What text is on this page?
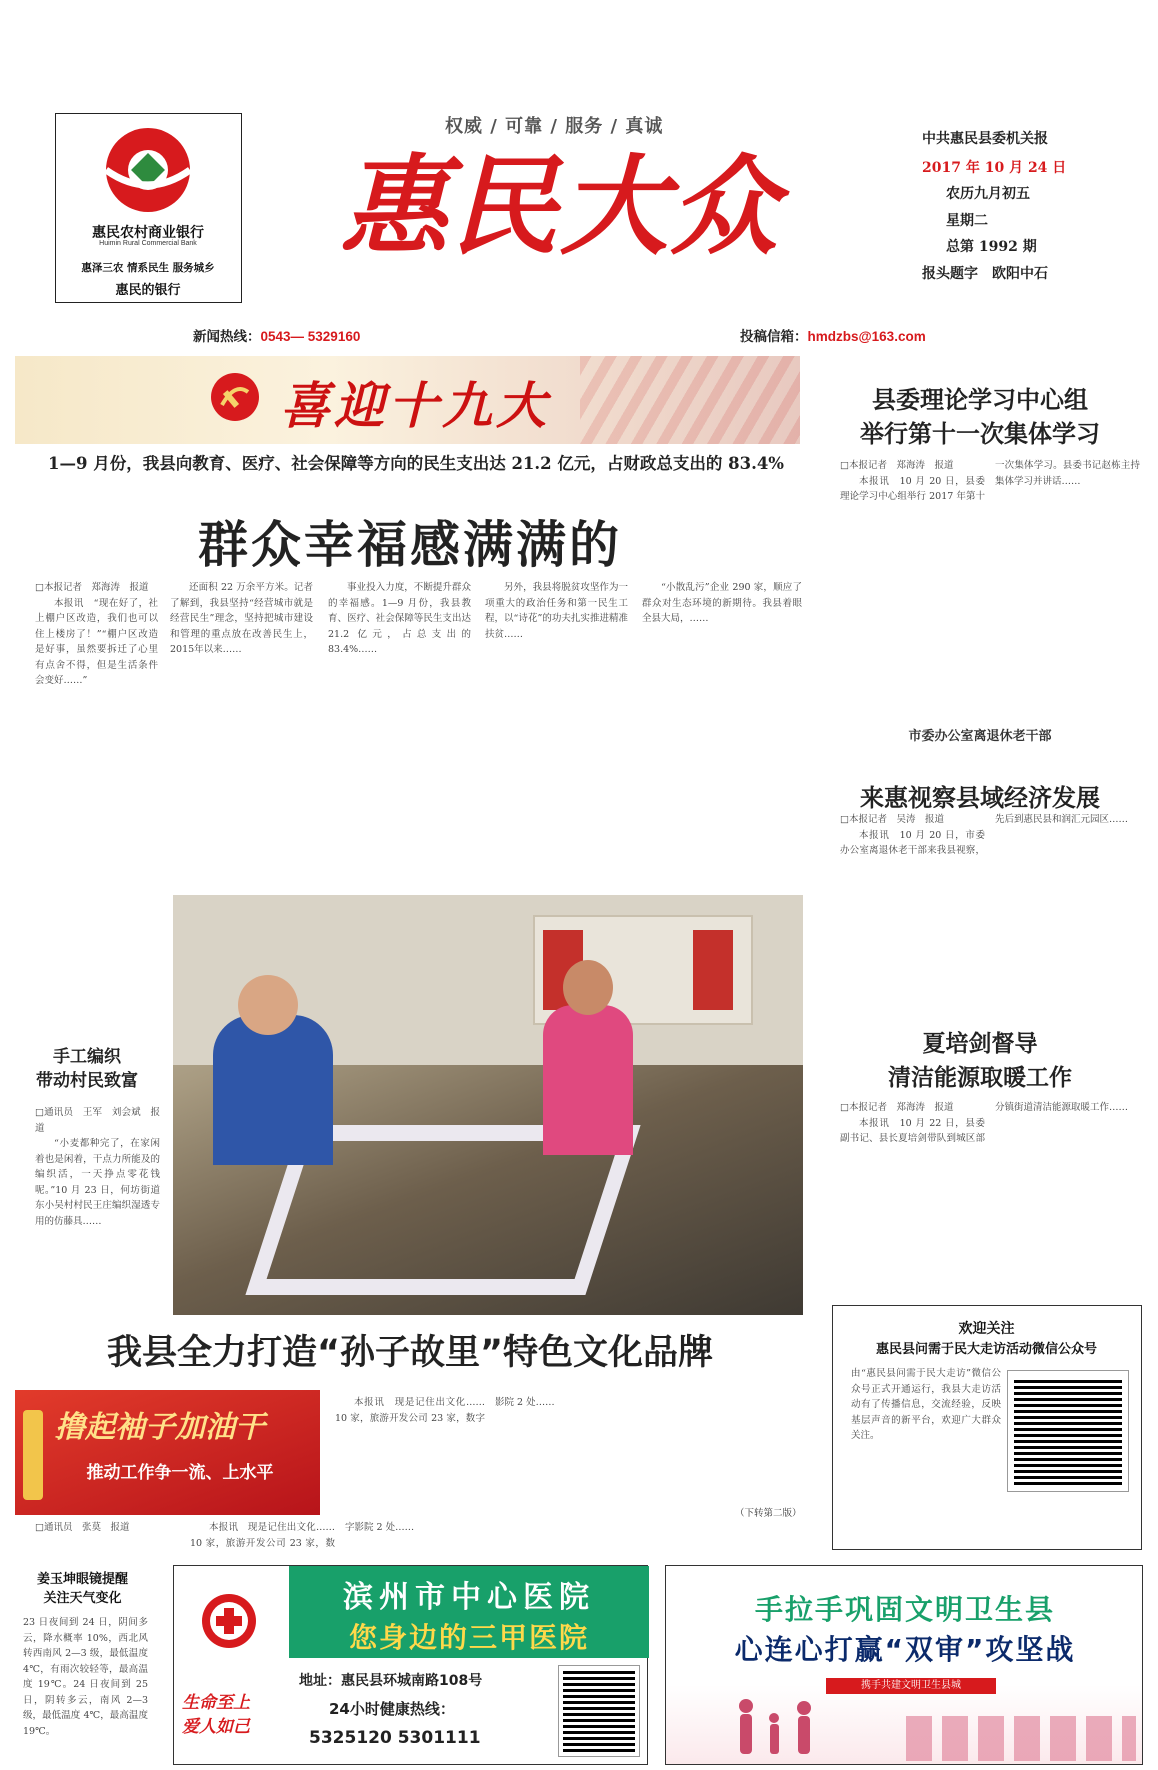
惠民农村商业银行
Huimin Rural Commercial Bank
惠泽三农 情系民生 服务城乡
惠民的银行
权威 / 可靠 / 服务 / 真诚
惠民大众
中共惠民县委机关报
2017 年 10 月 24 日
农历九月初五
星期二
总第 1992 期
报头题字　欧阳中石
新闻热线：0543— 5329160	投稿信箱：hmdzbs@163.com
喜迎十九大
1—9 月份，我县向教育、医疗、社会保障等方向的民生支出达 21.2 亿元，占财政总支出的 83.4%
群众幸福感满满的
□本报记者　郑海涛　报道

本报讯　“现在好了，社上棚户区改造，我们也可以住上楼房了！”“棚户区改造是好事，虽然要拆迁了心里有点舍不得，但是生活条件会变好……”

还面积 22 万余平方米。记者了解到，我县坚持“经营城市就是经营民生”理念，坚持把城市建设和管理的重点放在改善民生上，2015年以来……

事业投入力度，不断提升群众的幸福感。1—9 月份，我县教育、医疗、社会保障等民生支出达 21.2 亿元，占总支出的 83.4%……

另外，我县将脱贫攻坚作为一项重大的政治任务和第一民生工程，以“诗花”的功夫扎实推进精准扶贫……

“小散乱污”企业 290 家，顺应了群众对生态环境的新期待。我县着眼全县大局，……

手工编织
带动村民致富
□通讯员　王军　刘会斌　报道

“小麦都种完了，在家闲着也是闲着，干点力所能及的编织活，一天挣点零花钱呢。”10 月 23 日，何坊街道东小吴村村民王庄编织湿透专用的仿藤具……

县委理论学习中心组
举行第十一次集体学习
□本报记者　郑海涛　报道

本报讯　10 月 20 日，县委理论学习中心组举行 2017 年第十一次集体学习。县委书记赵栋主持集体学习并讲话……

市委办公室离退休老干部
来惠视察县域经济发展
□本报记者　吴涛　报道

本报讯　10 月 20 日，市委办公室离退休老干部来我县视察，先后到惠民县和润汇元园区……

夏培剑督导
清洁能源取暖工作
□本报记者　郑海涛　报道

本报讯　10 月 22 日，县委副书记、县长夏培剑带队到城区部分镇街道清洁能源取暖工作……

我县全力打造“孙子故里”特色文化品牌
撸起袖子加油干
推动工作争一流、上水平
□通讯员　张莫　报道	本报讯　现是记住出文化……10 家，旅游开发公司 23 家，数字影院 2 处……

本报讯　现是记住出文化……10 家，旅游开发公司 23 家，数字影院 2 处……

（下转第二版）
欢迎关注
惠民县问需于民大走访活动微信公众号
由“惠民县问需于民大走访”微信公众号正式开通运行，我县大走访活动有了传播信息，交流经验，反映基层声音的新平台，欢迎广大群众关注。
姜玉坤眼镜提醒
关注天气变化
23 日夜间到 24 日，阴间多云，降水概率 10%，西北风转西南风 2—3 级，最低温度 4℃，有雨次较轻等，最高温度 19℃。24 日夜间到 25 日，阴转多云，南风 2—3 级，最低温度 4℃，最高温度 19℃。
生命至上
爱人如己
滨州市中心医院
您身边的三甲医院
地址：惠民县环城南路108号
24小时健康热线：
5325120 5301111
手拉手巩固文明卫生县
心连心打赢“双审”攻坚战
携手共建文明卫生县城
